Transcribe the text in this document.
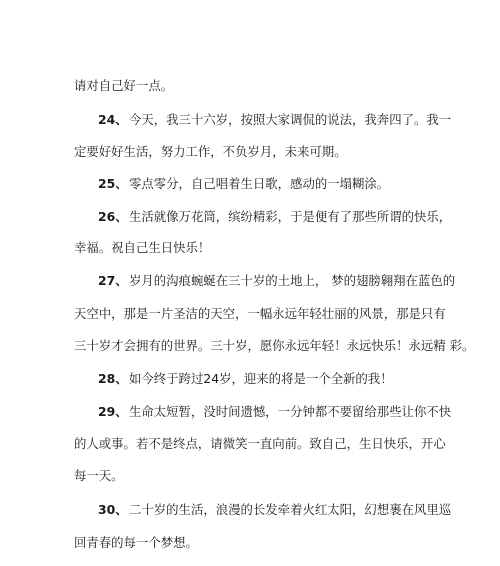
请对自己好一点。
24、 今天，我三十六岁，按照大家调侃的说法，我奔四了。我一
定要好好生活，努力工作，不负岁月，未来可期。
25、 零点零分，自己唱着生日歌，感动的一塌糊涂。
26、 生活就像万花筒，缤纷精彩，于是便有了那些所谓的快乐，
幸福。祝自己生日快乐！
27、 岁月的沟痕蜿蜒在三十岁的土地上， 梦的翅膀翱翔在蓝色的
天空中，那是一片圣洁的天空，一幅永远年轻壮丽的风景，那是只有
三十岁才会拥有的世界。三十岁，愿你永远年轻！永远快乐！永远精 彩。
28、 如今终于跨过24岁，迎来的将是一个全新的我！
29、 生命太短暂，没时间遗憾，一分钟都不要留给那些让你不快
的人或事。若不是终点，请微笑一直向前。致自己，生日快乐，开心
每一天。
30、 二十岁的生活，浪漫的长发牵着火红太阳，幻想裹在风里巡
回青春的每一个梦想。
